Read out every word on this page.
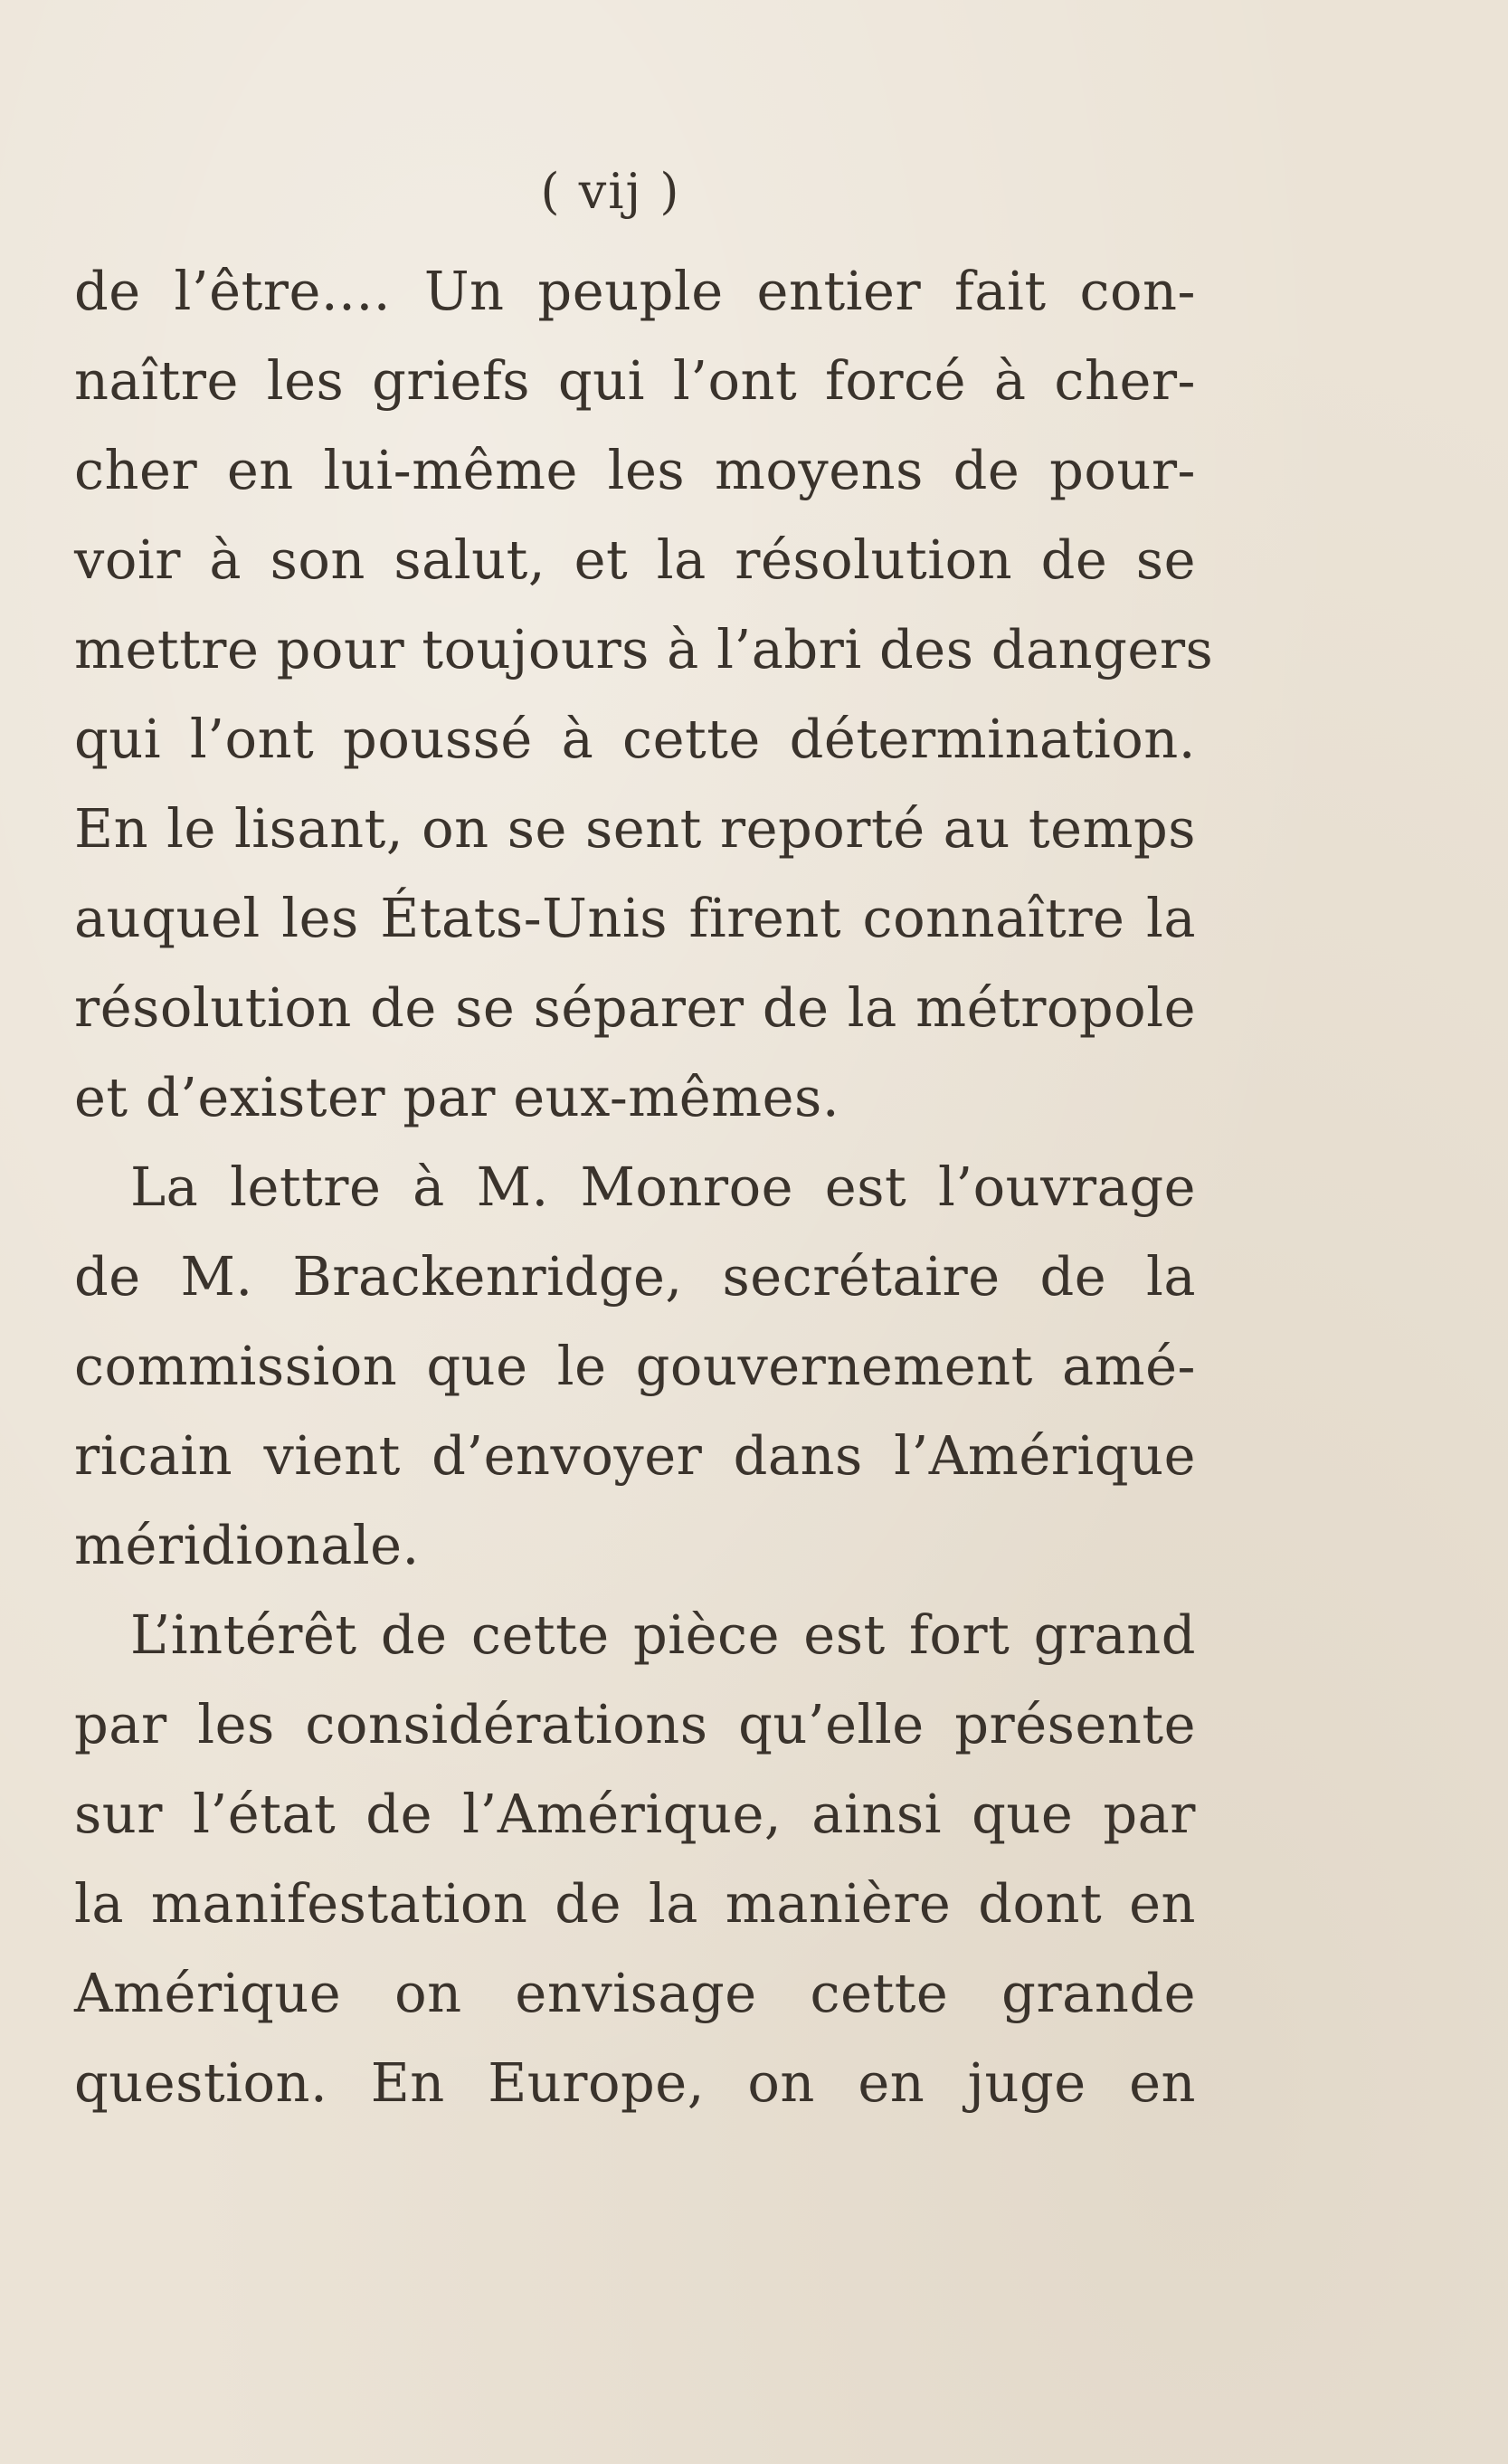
( vij )
de l’être.... Un peuple entier fait con-
naître les griefs qui l’ont forcé à cher-
cher en lui-même les moyens de pour-
voir à son salut, et la résolution de se
mettre pour toujours à l’abri des dangers
qui l’ont poussé à cette détermination.
En le lisant, on se sent reporté au temps
auquel les États-Unis firent connaître la
résolution de se séparer de la métropole
et d’exister par eux-mêmes.
La lettre à M. Monroe est l’ouvrage
de M. Brackenridge, secrétaire de la
commission que le gouvernement amé-
ricain vient d’envoyer dans l’Amérique
méridionale.
L’intérêt de cette pièce est fort grand
par les considérations qu’elle présente
sur l’état de l’Amérique, ainsi que par
la manifestation de la manière dont en
Amérique on envisage cette grande
question. En Europe, on en juge en
